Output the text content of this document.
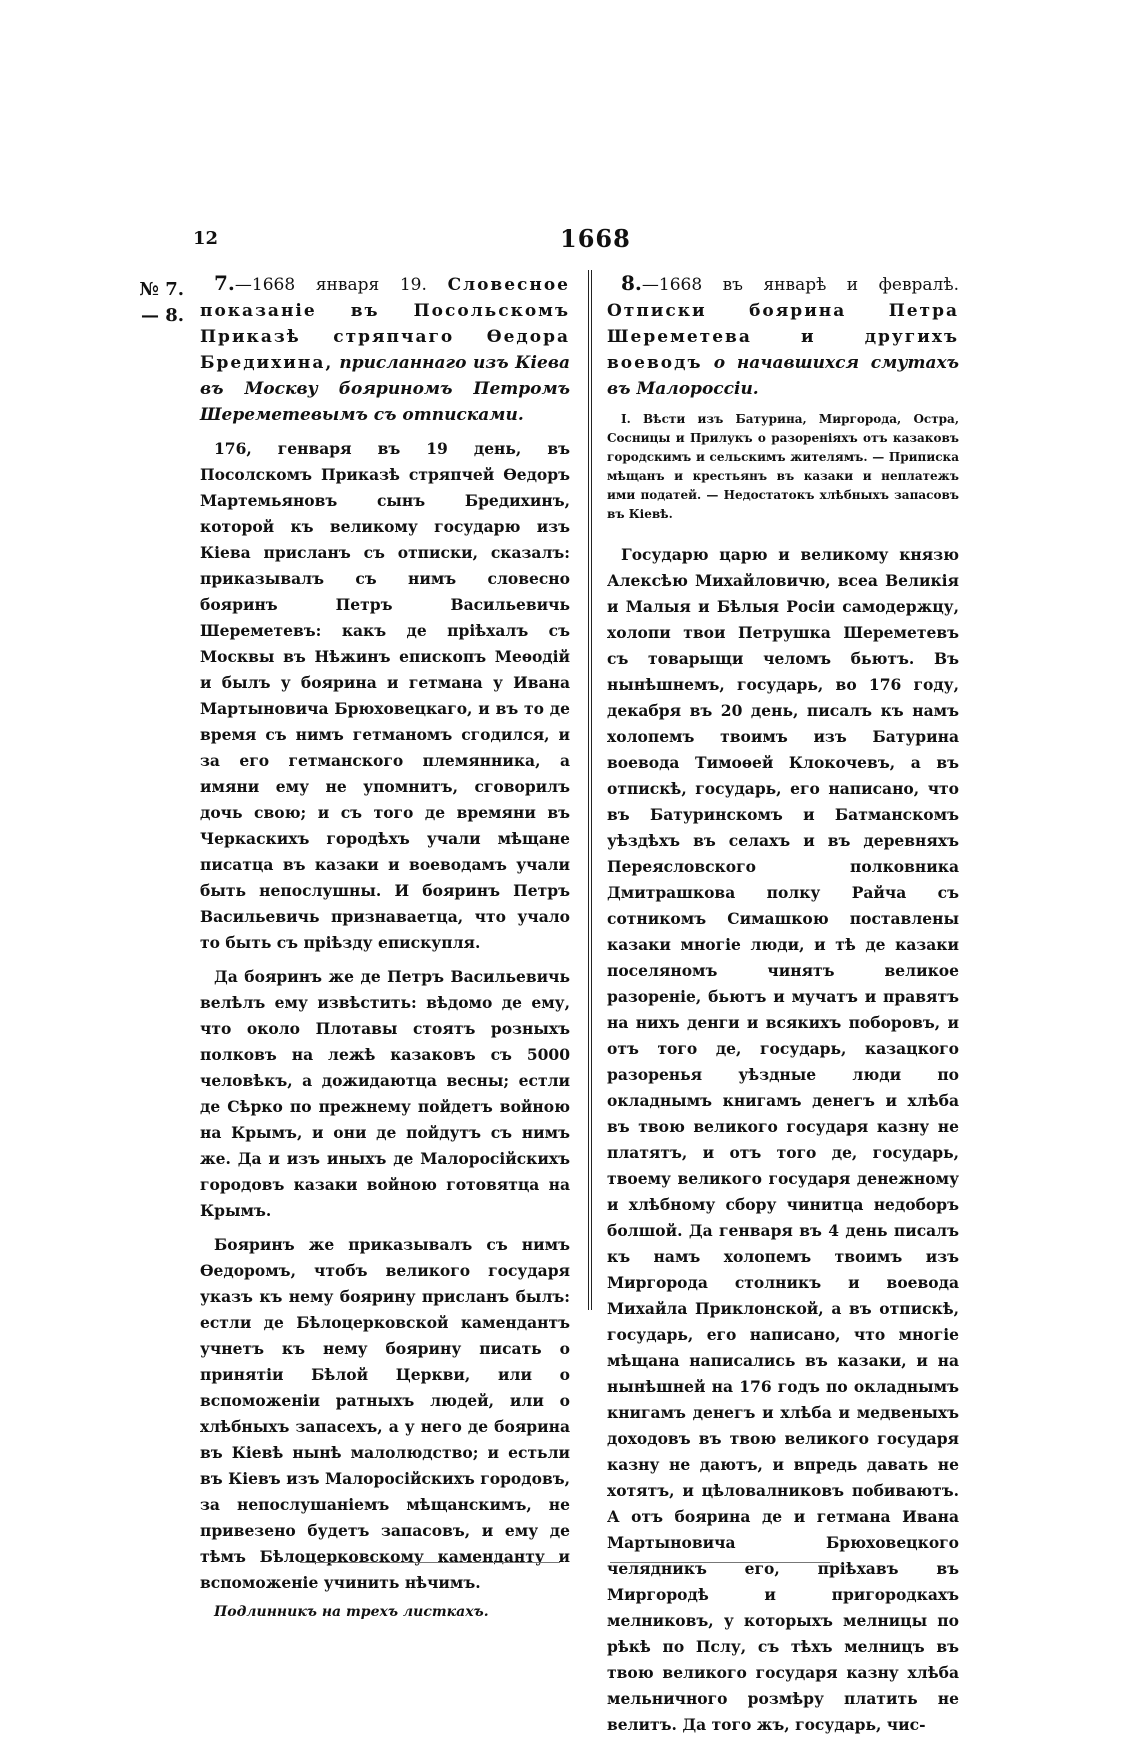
12	1668
№ 7.
— 8.

7.—1668 января 19. Словесное показаніе въ Посольскомъ Приказѣ стряпчаго Ѳедора Бредихина, присланнаго изъ Кіева въ Москву бояриномъ Петромъ Шереметевымъ съ отписками.

176, генваря въ 19 день, въ Посолскомъ Приказѣ стряпчей Ѳедоръ Мартемьяновъ сынъ Бредихинъ, которой къ великому государю изъ Кіева присланъ съ отписки, сказалъ: приказывалъ съ нимъ словесно бояринъ Петръ Васильевичь Шереметевъ: какъ де пріѣхалъ съ Москвы въ Нѣжинъ епископъ Меѳодій и былъ у боярина и гетмана у Ивана Мартыновича Брюховецкаго, и въ то де время съ нимъ гетманомъ сгодился, и за его гетманского племянника, а имяни ему не упомнитъ, сговорилъ дочь свою; и съ того де времяни въ Черкаскихъ городѣхъ учали мѣщане писатца въ казаки и воеводамъ учали быть непослушны. И бояринъ Петръ Васильевичь признаваетца, что учало то быть съ пріѣзду епискупля.

Да бояринъ же де Петръ Васильевичь велѣлъ ему извѣстить: вѣдомо де ему, что около Плотавы стоятъ розныхъ полковъ на лежѣ казаковъ съ 5000 человѣкъ, а дожидаютца весны; естли де Сѣрко по прежнему пойдетъ войною на Крымъ, и они де пойдутъ съ нимъ же. Да и изъ иныхъ де Малоросійскихъ городовъ казаки войною готовятца на Крымъ.

Бояринъ же приказывалъ съ нимъ Ѳедоромъ, чтобъ великого государя указъ къ нему боярину присланъ былъ: естли де Бѣлоцерковской камендантъ учнетъ къ нему боярину писать о принятіи Бѣлой Церкви, или о вспоможеніи ратныхъ людей, или о хлѣбныхъ запасехъ, а у него де боярина въ Кіевѣ нынѣ малолюдство; и естьли въ Кіевъ изъ Малоросійскихъ городовъ, за непослушаніемъ мѣщанскимъ, не привезено будетъ запасовъ, и ему де тѣмъ Бѣлоцерковскому каменданту и вспоможеніе учинить нѣчимъ.

Подлинникъ на трехъ листкахъ.

8.—1668 въ январѣ и февралѣ. Отписки боярина Петра Шереметева и другихъ воеводъ о начавшихся смутахъ въ Малороссіи.

I. Вѣсти изъ Батурина, Миргорода, Остра, Сосницы и Прилукъ о разореніяхъ отъ казаковъ городскимъ и сельскимъ жителямъ. — Приписка мѣщанъ и крестьянъ въ казаки и неплатежъ ими податей. — Недостатокъ хлѣбныхъ запасовъ въ Кіевѣ.

Государю царю и великому князю Алексѣю Михайловичю, всеа Великія и Малыя и Бѣлыя Росіи самодержцу, холопи твои Петрушка Шереметевъ съ товарыщи челомъ бьютъ. Въ нынѣшнемъ, государь, во 176 году, декабря въ 20 день, писалъ къ намъ холопемъ твоимъ изъ Батурина воевода Тимоѳей Клокочевъ, а въ отпискѣ, государь, его написано, что въ Батуринскомъ и Батманскомъ уѣздѣхъ въ селахъ и въ деревняхъ Переясловского полковника Дмитрашкова полку Райча съ сотникомъ Симашкою поставлены казаки многіе люди, и тѣ де казаки поселяномъ чинятъ великое разореніе, бьютъ и мучатъ и правятъ на нихъ денги и всякихъ поборовъ, и отъ того де, государь, казацкого разоренья уѣздные люди по окладнымъ книгамъ денегъ и хлѣба въ твою великого государя казну не платятъ, и отъ того де, государь, твоему великого государя денежному и хлѣбному сбору чинитца недоборъ болшой. Да генваря въ 4 день писалъ къ намъ холопемъ твоимъ изъ Миргорода столникъ и воевода Михайла Приклонской, а въ отпискѣ, государь, его написано, что многіе мѣщана написались въ казаки, и на нынѣшней на 176 годъ по окладнымъ книгамъ денегъ и хлѣба и медвеныхъ доходовъ въ твою великого государя казну не даютъ, и впредь давать не хотятъ, и цѣловалниковъ побиваютъ. А отъ боярина де и гетмана Ивана Мартыновича Брюховецкого челядникъ его, пріѣхавъ въ Миргородѣ и пригородкахъ мелниковъ, у которыхъ мелницы по рѣкѣ по Пслу, съ тѣхъ мелницъ въ твою великого государя казну хлѣба мельничного розмѣру платить не велитъ. Да того жъ, государь, чис-
